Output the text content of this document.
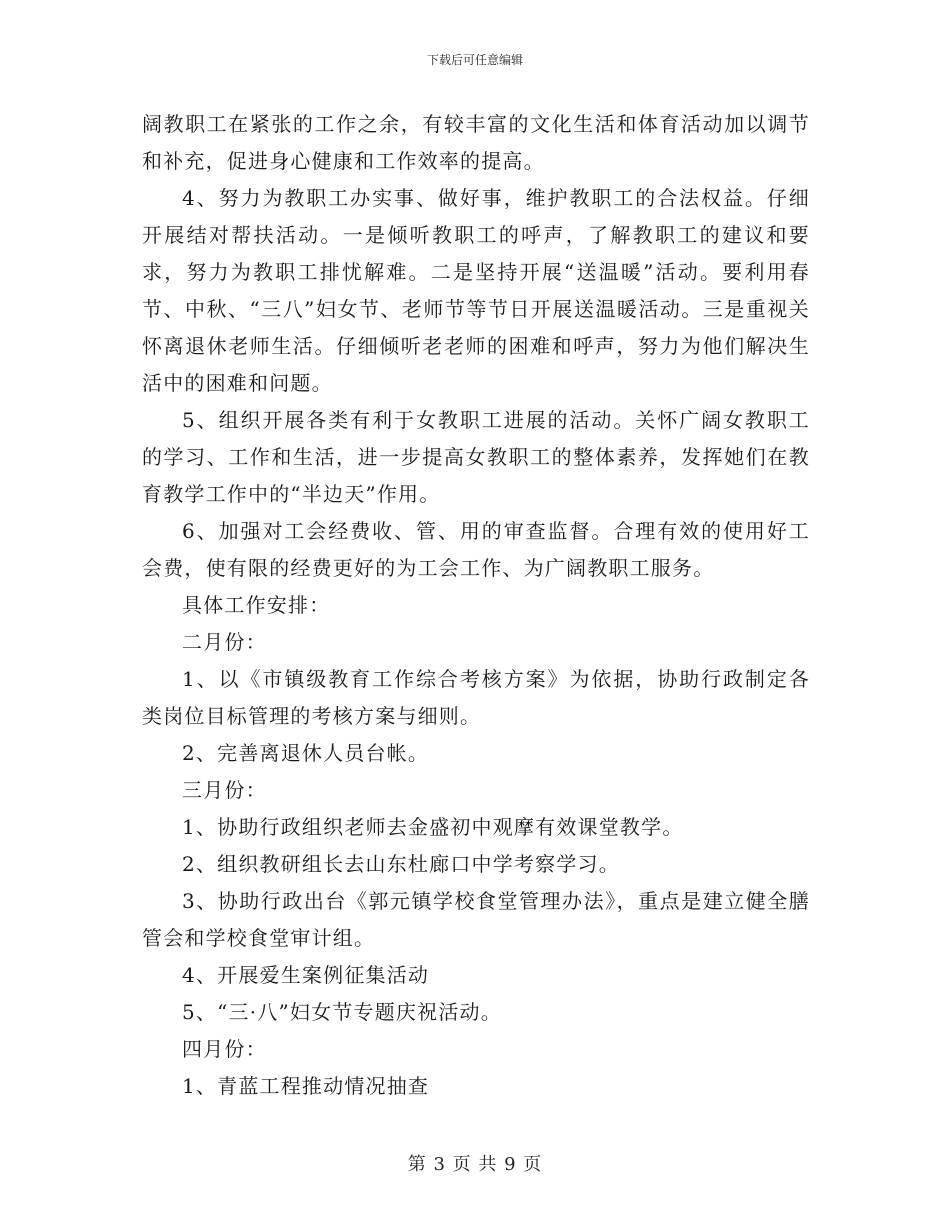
下载后可任意编辑

阔教职工在紧张的工作之余，有较丰富的文化生活和体育活动加以调节和补充，促进身心健康和工作效率的提高。

4、努力为教职工办实事、做好事，维护教职工的合法权益。仔细开展结对帮扶活动。一是倾听教职工的呼声，了解教职工的建议和要求，努力为教职工排忧解难。二是坚持开展“送温暖”活动。要利用春节、中秋、“三八”妇女节、老师节等节日开展送温暖活动。三是重视关怀离退休老师生活。仔细倾听老老师的困难和呼声，努力为他们解决生活中的困难和问题。

5、组织开展各类有利于女教职工进展的活动。关怀广阔女教职工的学习、工作和生活，进一步提高女教职工的整体素养，发挥她们在教育教学工作中的“半边天”作用。

6、加强对工会经费收、管、用的审查监督。合理有效的使用好工会费，使有限的经费更好的为工会工作、为广阔教职工服务。

具体工作安排：

二月份：

1、以《市镇级教育工作综合考核方案》为依据，协助行政制定各类岗位目标管理的考核方案与细则。

2、完善离退休人员台帐。

三月份：

1、协助行政组织老师去金盛初中观摩有效课堂教学。

2、组织教研组长去山东杜廊口中学考察学习。

3、协助行政出台《郭元镇学校食堂管理办法》，重点是建立健全膳管会和学校食堂审计组。

4、开展爱生案例征集活动

5、“三·八”妇女节专题庆祝活动。

四月份：

1、青蓝工程推动情况抽查

第 3 页 共 9 页
